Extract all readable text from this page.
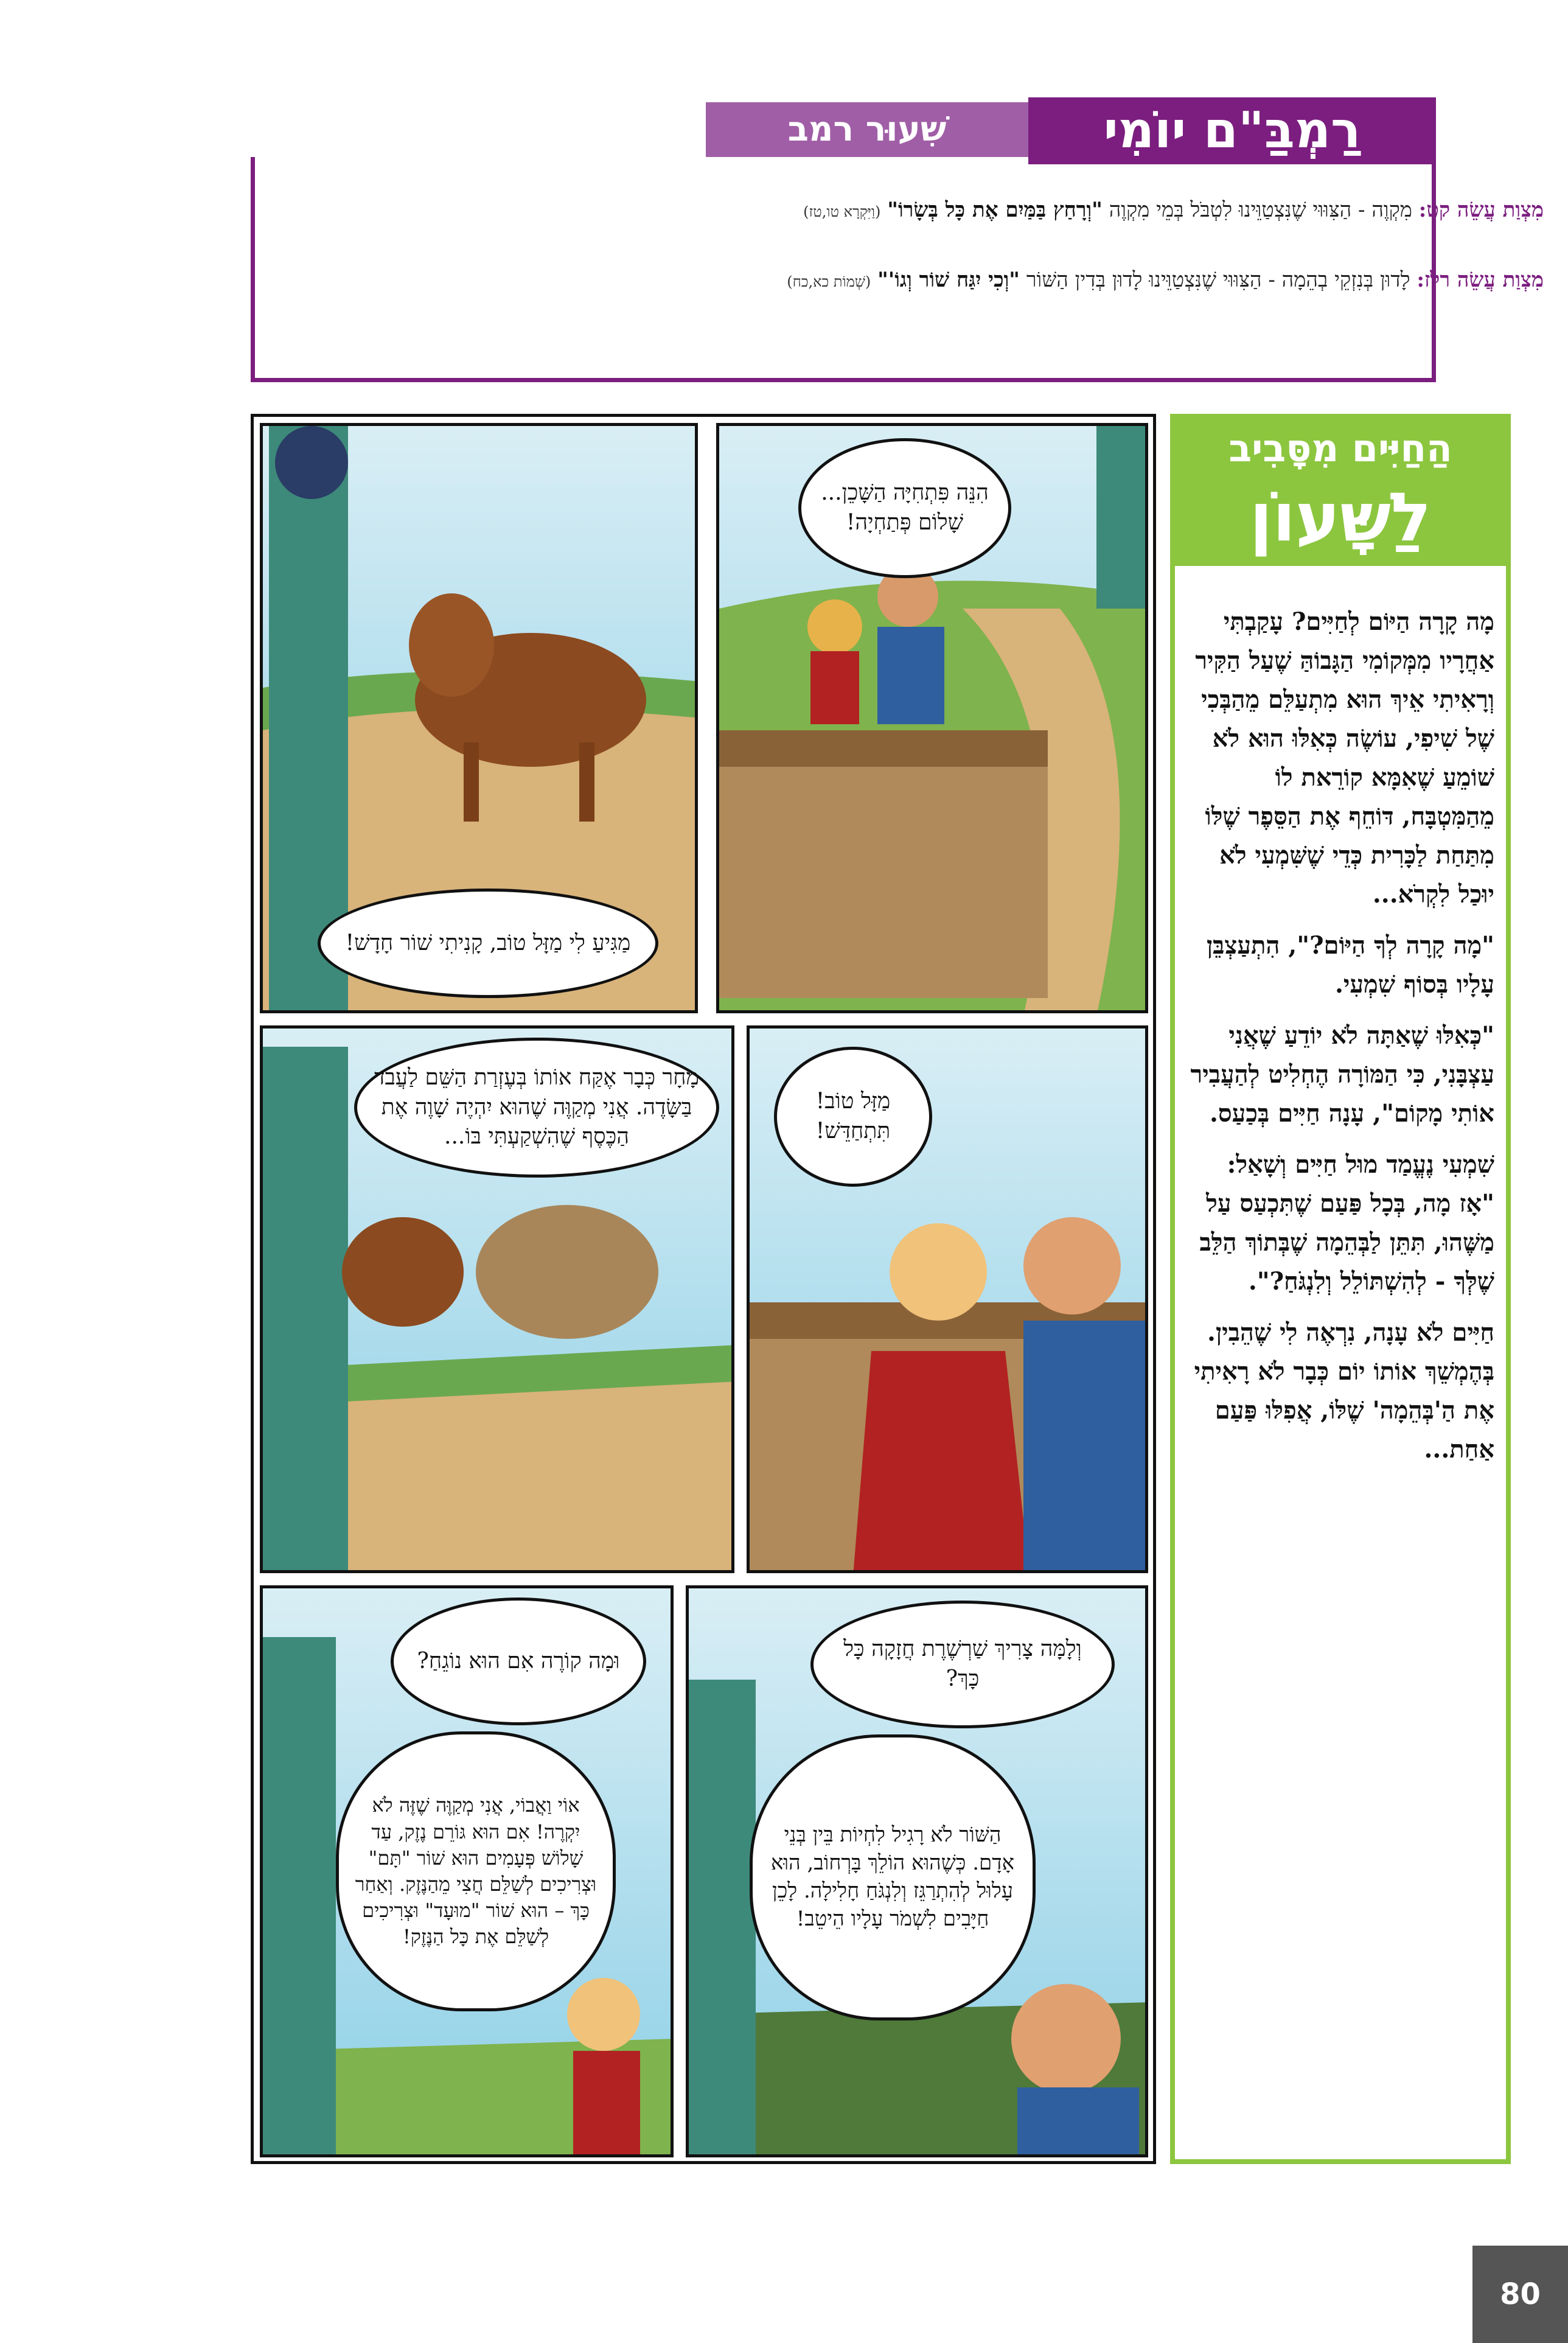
רַמְבַּ"ם יוֹמִי
שִׁעוּר רמב
מִצְוַת עֲשֵׂה קט: מִקְוֶה - הַצִּוּוּי שֶׁנִּצְטַוֵּינוּ לִטְבֹּל בְּמֵי מִקְוֶה "וְרָחַץ בַּמַּיִם אֶת כָּל בְּשָׂרוֹ" (וַיִּקְרָא טו,טז)
מִצְוַת עֲשֵׂה רלז: לָדוּן בְּנִזְקֵי בְהֵמָה - הַצִּוּוּי שֶׁנִּצְטַוֵּינוּ לָדוּן בְּדִין הַשּׁוֹר "וְכִי יִגַּח שׁוֹר וְגוֹ'" (שְׁמוֹת כא,כח)
מַגִּיעַ לִי מַזָּל טוֹב, קָנִיתִי שׁוֹר חָדָשׁ!
הִנֵּה פִּתְחִיָּה הַשָּׁכֵן... שָׁלוֹם פְּתַחְיָה!
מָחָר כְּבָר אֶקַּח אוֹתוֹ בְּעֶזְרַת הַשֵּׁם לַעֲבֹד בַּשָּׂדֶה. אֲנִי מְקַוֶּה שֶׁהוּא יִהְיֶה שָׁוֶה אֶת הַכֶּסֶף שֶׁהִשְׁקַעְתִּי בּוֹ...
מַזָּל טוֹב! תִּתְחַדֵּשׁ!
וּמָה קוֹרֶה אִם הוּא נוֹגֵחַ?
אוֹי וַאֲבוֹי, אֲנִי מְקַוֶּה שֶׁזֶּה לֹא יִקְרֶה! אִם הוּא גּוֹרֵם נֶזֶק, עַד שָׁלוֹשׁ פְּעָמִים הוּא שׁוֹר "תָּם" וּצְרִיכִים לְשַׁלֵּם חֲצִי מֵהַנֶּזֶק. וְאַחַר כָּךְ – הוּא שׁוֹר "מוּעָד" וּצְרִיכִים לְשַׁלֵּם אֶת כָּל הַנֶּזֶק!
וְלָמָּה צָרִיךְ שַׁרְשֶׁרֶת חֲזָקָה כָּל כָּךְ?
הַשּׁוֹר לֹא רָגִיל לִחְיוֹת בֵּין בְּנֵי אָדָם. כְּשֶׁהוּא הוֹלֵךְ בָּרְחוֹב, הוּא עָלוּל לְהִתְרַגֵּז וְלִנְגֹּחַ חָלִילָה. לָכֵן חַיָּבִים לִשְׁמֹר עָלָיו הֵיטֵב!
הַחַיִּים מִסָּבִיב
לַשָּׁעוֹן

מָה קָרָה הַיּוֹם לְחַיִּים? עָקַבְתִּי אַחֲרָיו מִמְּקוֹמִי הַגָּבוֹהַּ שֶׁעַל הַקִּיר וְרָאִיתִי אֵיךְ הוּא מִתְעַלֵּם מֵהַבְּכִי שֶׁל שִׁיפִי, עוֹשֶׂה כְּאִלּוּ הוּא לֹא שׁוֹמֵעַ שֶׁאִמָּא קוֹרֵאת לוֹ מֵהַמִּטְבָּח, דּוֹחֵף אֶת הַסֵּפֶר שֶׁלּוֹ מִתַּחַת לַכָּרִית כְּדֵי שֶׁשִּׁמְעִי לֹא יוּכַל לִקְרֹא...

"מָה קָרָה לְךָ הַיּוֹם?", הִתְעַצְבֵּן עָלָיו בְּסוֹף שִׁמְעִי.

"כְּאִלּוּ שֶׁאַתָּה לֹא יוֹדֵעַ שֶׁאֲנִי עַצְבָּנִי, כִּי הַמּוֹרָה הֶחְלִיט לְהַעֲבִיר אוֹתִי מָקוֹם", עָנָה חַיִּים בְּכַעַס.

שִׁמְעִי נֶעֱמַד מוּל חַיִּים וְשָׁאַל: "אָז מָה, בְּכָל פַּעַם שֶׁתִּכְעַס עַל מַשֶּׁהוּ, תִּתֵּן לַבְּהֵמָה שֶׁבְּתוֹךְ הַלֵּב שֶׁלְּךָ - לְהִשְׁתּוֹלֵל וְלִנְגֹּחַ?".

חַיִּים לֹא עָנָה, נִרְאֶה לִי שֶׁהֵבִין. בְּהֶמְשֵׁךְ אוֹתוֹ יוֹם כְּבָר לֹא רָאִיתִי אֶת הַ'בְּהֵמָה' שֶׁלּוֹ, אֲפִלּוּ פַּעַם אַחַת...

80
